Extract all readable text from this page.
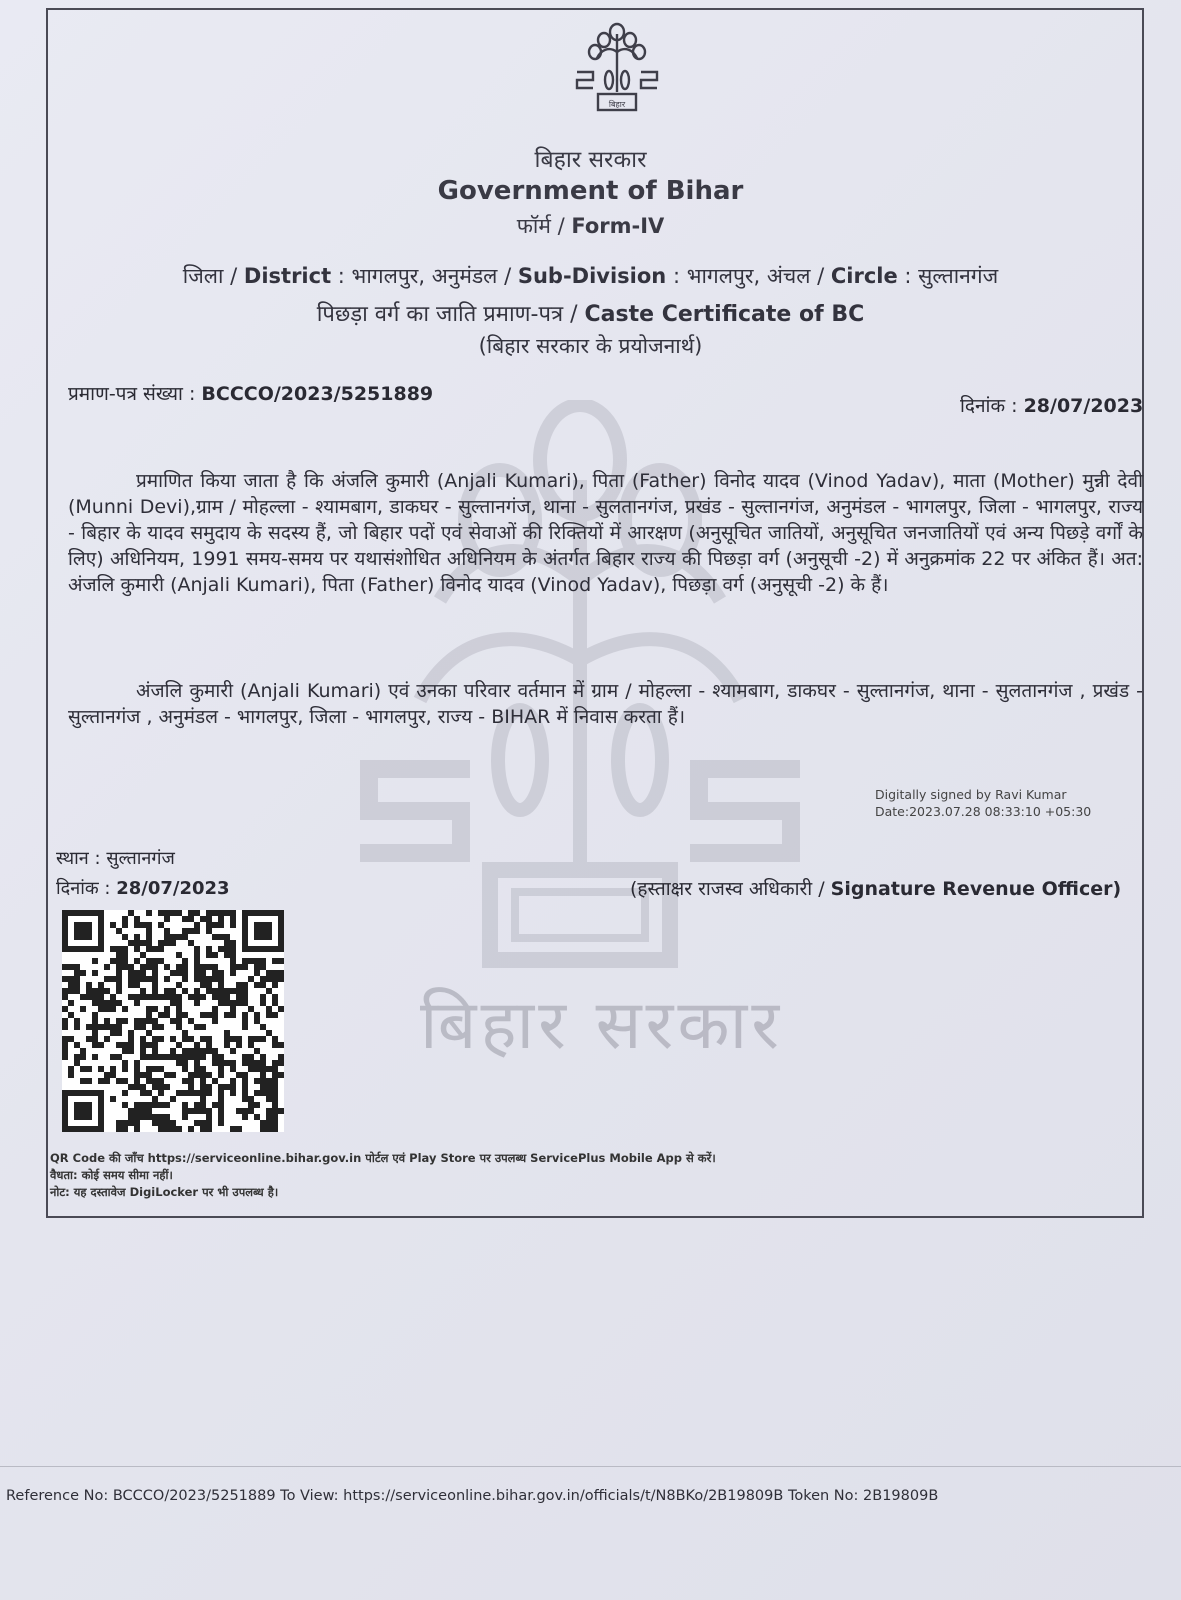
बिहार सरकार
बिहार
बिहार सरकार
Government of Bihar
फॉर्म / Form-IV
जिला / District : भागलपुर, अनुमंडल / Sub-Division : भागलपुर, अंचल / Circle : सुल्तानगंज
पिछड़ा वर्ग का जाति प्रमाण-पत्र / Caste Certificate of BC
(बिहार सरकार के प्रयोजनार्थ)
प्रमाण-पत्र संख्या : BCCCO/2023/5251889
दिनांक : 28/07/2023
प्रमाणित किया जाता है कि अंजलि कुमारी (Anjali Kumari), पिता (Father) विनोद यादव (Vinod Yadav), माता (Mother) मुन्नी देवी (Munni Devi),ग्राम / मोहल्ला - श्यामबाग, डाकघर - सुल्तानगंज, थाना - सुलतानगंज, प्रखंड - सुल्तानगंज, अनुमंडल - भागलपुर, जिला - भागलपुर, राज्य - बिहार के यादव समुदाय के सदस्य हैं, जो बिहार पदों एवं सेवाओं की रिक्तियों में आरक्षण (अनुसूचित जातियों, अनुसूचित जनजातियों एवं अन्य पिछड़े वर्गों के लिए) अधिनियम, 1991 समय-समय पर यथासंशोधित अधिनियम के अंतर्गत बिहार राज्य की पिछड़ा वर्ग (अनुसूची -2) में अनुक्रमांक 22 पर अंकित हैं। अत: अंजलि कुमारी (Anjali Kumari), पिता (Father) विनोद यादव (Vinod Yadav), पिछड़ा वर्ग (अनुसूची -2) के हैं।
अंजलि कुमारी (Anjali Kumari) एवं उनका परिवार वर्तमान में ग्राम / मोहल्ला - श्यामबाग, डाकघर - सुल्तानगंज, थाना - सुलतानगंज , प्रखंड - सुल्तानगंज , अनुमंडल - भागलपुर, जिला - भागलपुर, राज्य - BIHAR में निवास करता हैं।
Digitally signed by Ravi Kumar
Date:2023.07.28 08:33:10 +05:30
स्थान : सुल्तानगंज
दिनांक : 28/07/2023	(हस्ताक्षर राजस्व अधिकारी / Signature Revenue Officer)
QR Code की जाँच https://serviceonline.bihar.gov.in पोर्टल एवं Play Store पर उपलब्ध ServicePlus Mobile App से करें।
वैधता: कोई समय सीमा नहीं।
नोट: यह दस्तावेज DigiLocker पर भी उपलब्ध है।
Reference No: BCCCO/2023/5251889 To View: https://serviceonline.bihar.gov.in/officials/t/N8BKo/2B19809B Token No: 2B19809B
